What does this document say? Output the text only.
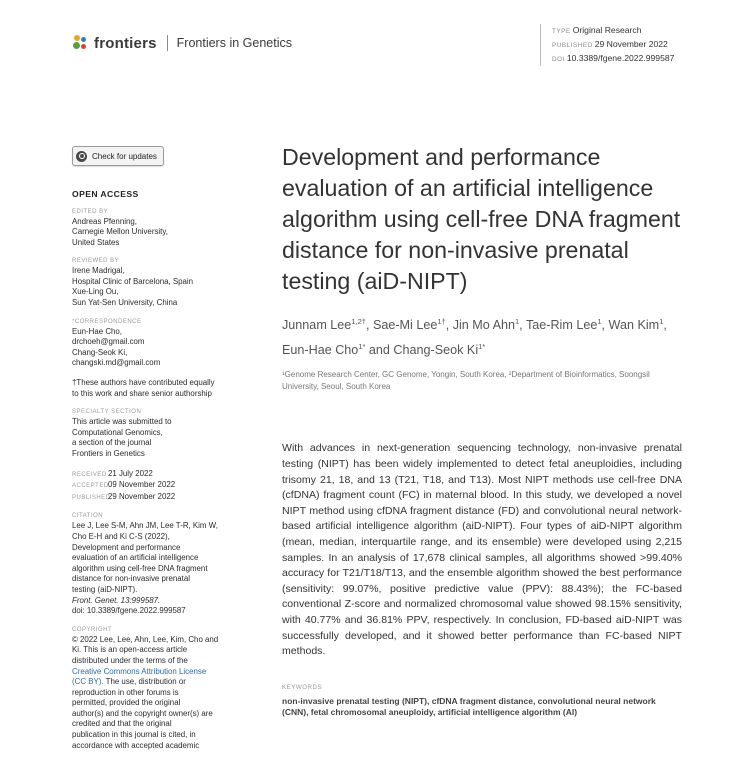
frontiers Frontiers in Genetics
TYPE Original Research
PUBLISHED 29 November 2022
DOI 10.3389/fgene.2022.999587
Check for updates
OPEN ACCESS
EDITED BY
Andreas Pfenning,
Carnegie Mellon University,
United States
REVIEWED BY
Irene Madrigal,
Hospital Clinic of Barcelona, Spain
Xue-Ling Ou,
Sun Yat-Sen University, China
*CORRESPONDENCE
Eun-Hae Cho,
drchoeh@gmail.com
Chang-Seok Ki,
changski.md@gmail.com
†These authors have contributed equally
to this work and share senior authorship
SPECIALTY SECTION
This article was submitted to
Computational Genomics,
a section of the journal
Frontiers in Genetics
RECEIVED21 July 2022
ACCEPTED09 November 2022
PUBLISHED29 November 2022
CITATION
Lee J, Lee S-M, Ahn JM, Lee T-R, Kim W,
Cho E-H and Ki C-S (2022),
Development and performance
evaluation of an artificial intelligence
algorithm using cell-free DNA fragment
distance for non-invasive prenatal
testing (aiD-NIPT).
Front. Genet. 13:999587.
doi: 10.3389/fgene.2022.999587
COPYRIGHT
© 2022 Lee, Lee, Ahn, Lee, Kim, Cho and
Ki. This is an open-access article
distributed under the terms of the
Creative Commons Attribution License
(CC BY). The use, distribution or
reproduction in other forums is
permitted, provided the original
author(s) and the copyright owner(s) are
credited and that the original
publication in this journal is cited, in
accordance with accepted academic
Development and performance evaluation of an artificial intelligence algorithm using cell-free DNA fragment distance for non-invasive prenatal testing (aiD-NIPT)
Junnam Lee$^{1,2\dagger}$, Sae-Mi Lee$^{1\dagger}$, Jin Mo Ahn$^1$, Tae-Rim Lee$^1$, Wan Kim$^1$, Eun-Hae Cho$^{1*}$ and Chang-Seok $Ki^{1*}$
¹Genome Research Center, GC Genome, Yongin, South Korea, ²Department of Bioinformatics, Soongsil University, Seoul, South Korea
With advances in next-generation sequencing technology, non-invasive prenatal testing (NIPT) has been widely implemented to detect fetal aneuploidies, including trisomy 21, 18, and 13 (T21, T18, and T13). Most NIPT methods use cell-free DNA (cfDNA) fragment count (FC) in maternal blood. In this study, we developed a novel NIPT method using cfDNA fragment distance (FD) and convolutional neural network-based artificial intelligence algorithm (aiD-NIPT). Four types of aiD-NIPT algorithm (mean, median, interquartile range, and its ensemble) were developed using 2,215 samples. In an analysis of 17,678 clinical samples, all algorithms showed >99.40% accuracy for T21/T18/T13, and the ensemble algorithm showed the best performance (sensitivity: 99.07%, positive predictive value (PPV): 88.43%); the FC-based conventional Z-score and normalized chromosomal value showed 98.15% sensitivity, with 40.77% and 36.81% PPV, respectively. In conclusion, FD-based aiD-NIPT was successfully developed, and it showed better performance than FC-based NIPT methods.
KEYWORDS
non-invasive prenatal testing (NIPT), cfDNA fragment distance, convolutional neural network (CNN), fetal chromosomal aneuploidy, artificial intelligence algorithm (AI)
